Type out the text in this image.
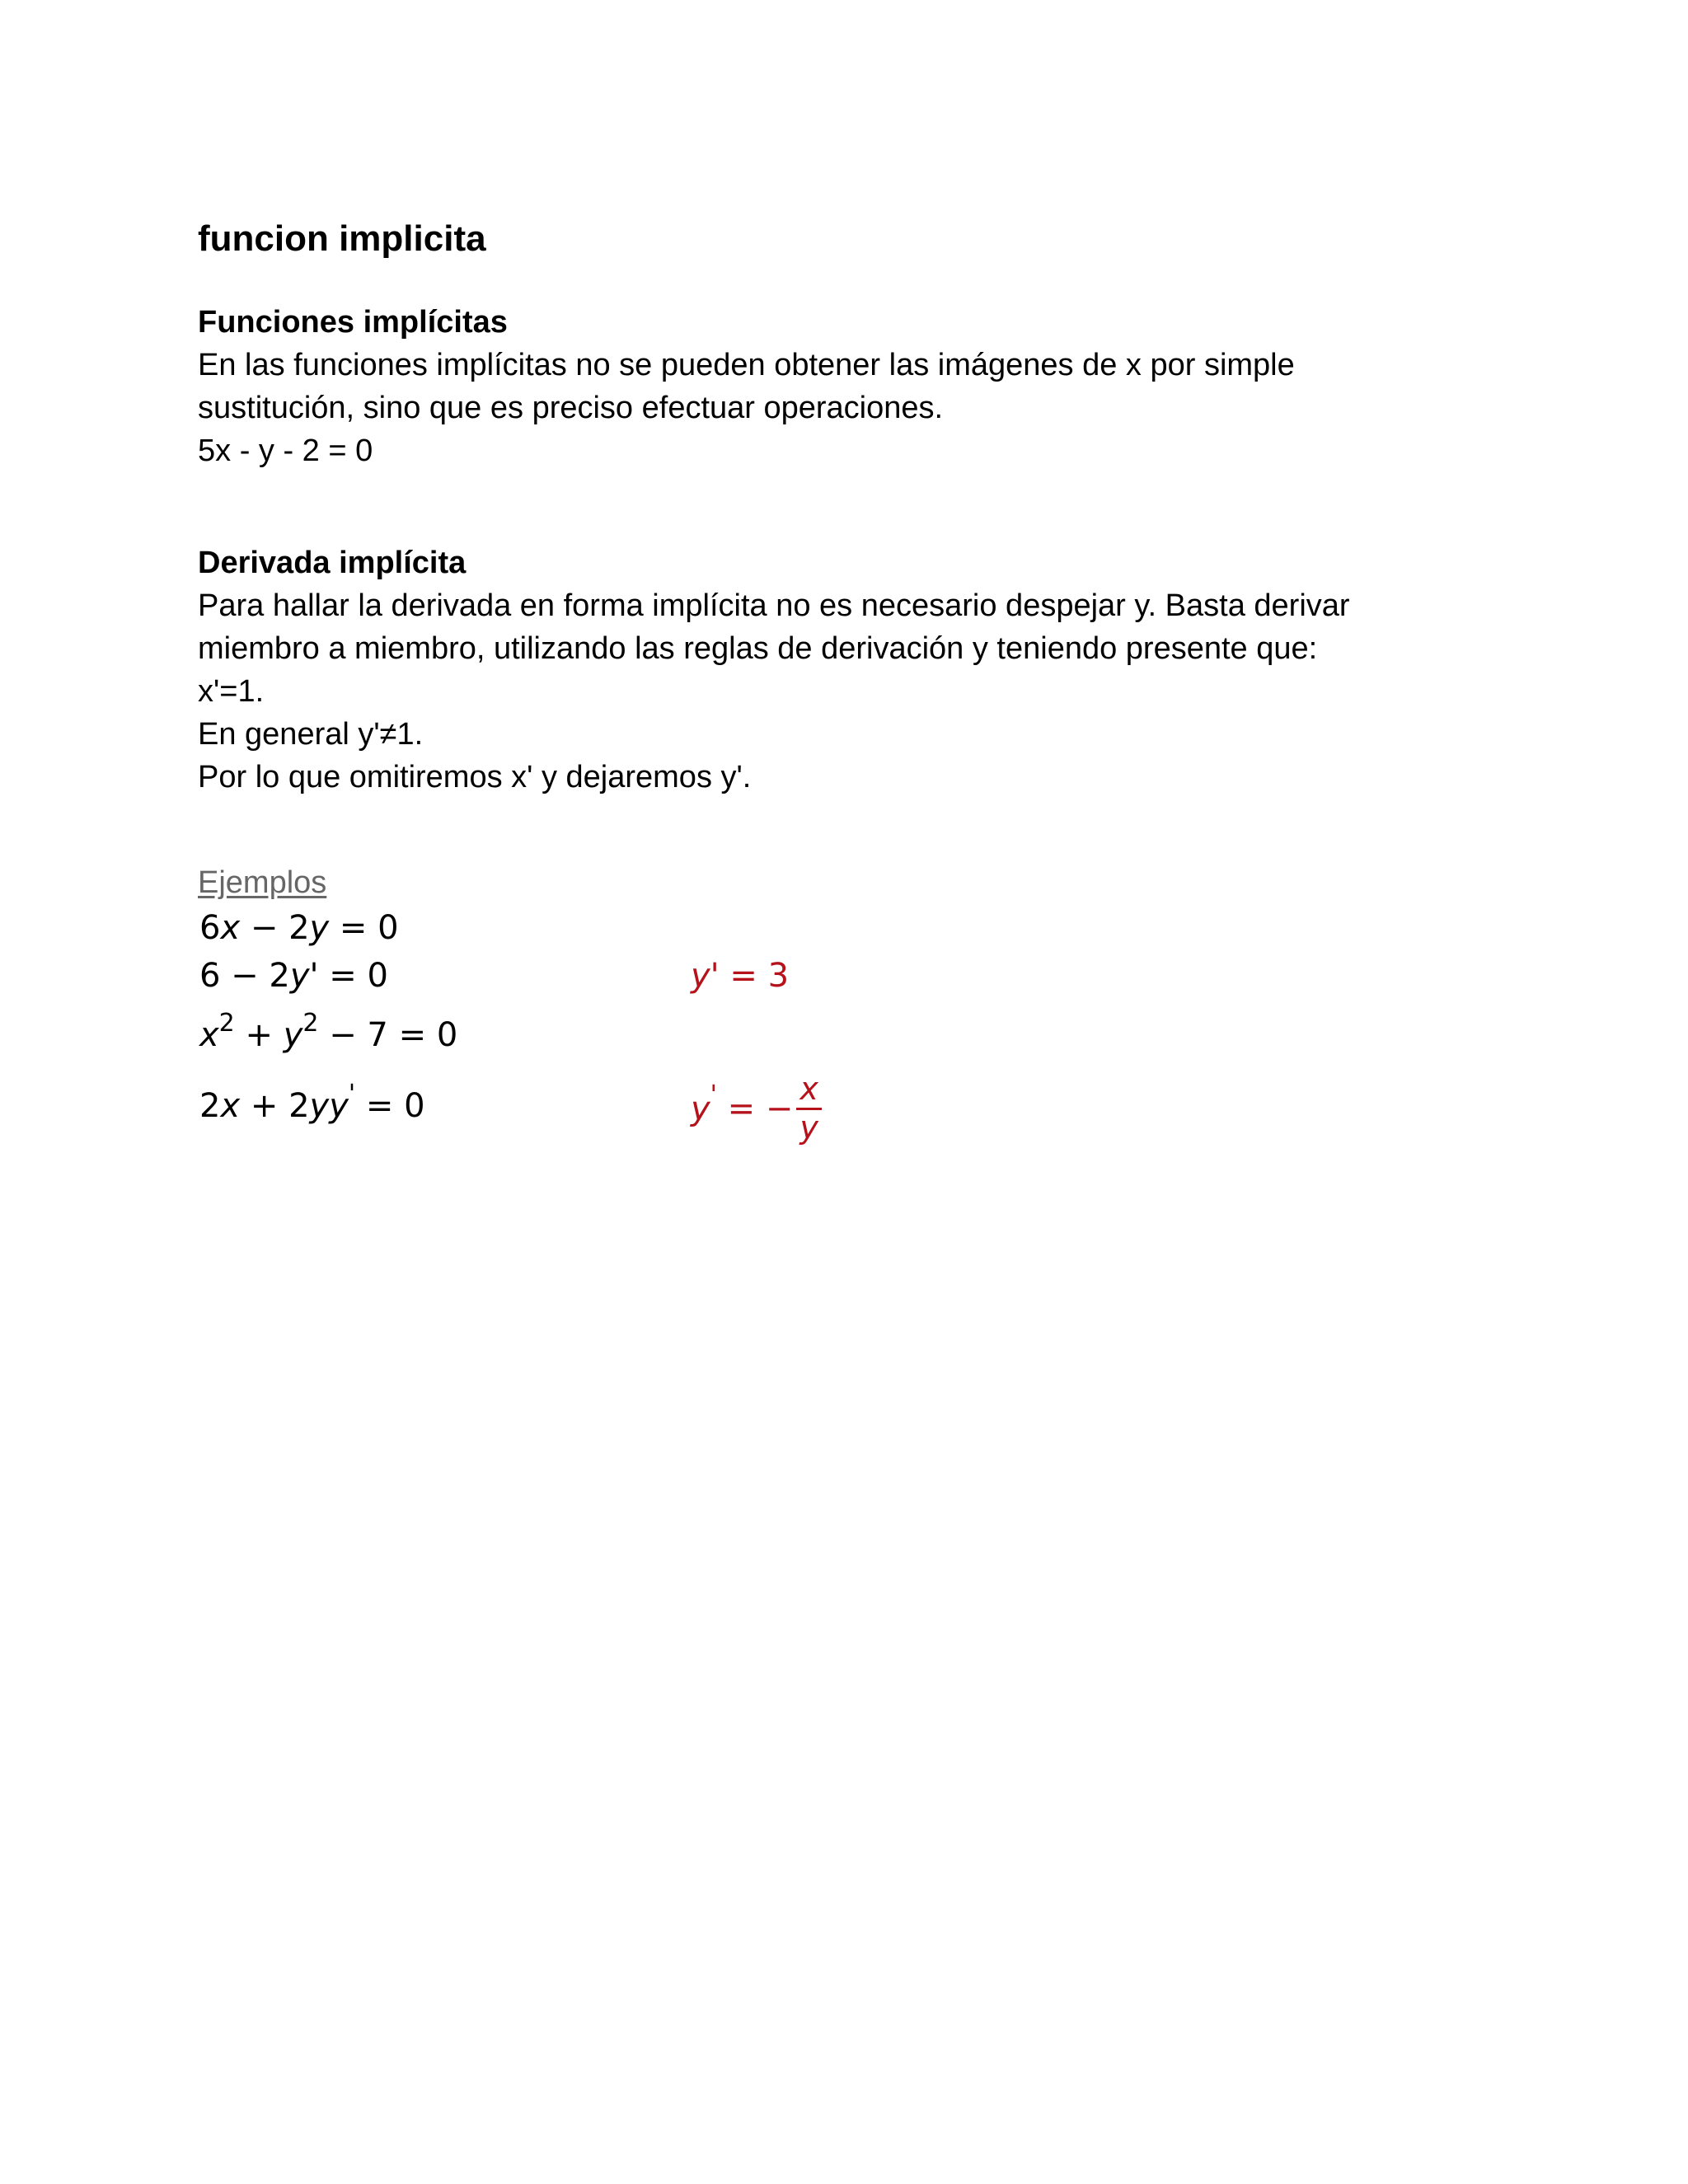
funcion implicita
Funciones implícitas
En las funciones implícitas no se pueden obtener las imágenes de x por simple
sustitución, sino que es preciso efectuar operaciones.
5x - y - 2 = 0
Derivada implícita
Para hallar la derivada en forma implícita no es necesario despejar y. Basta derivar
miembro a miembro, utilizando las reglas de derivación y teniendo presente que:
x'=1.
En general y'≠1.
Por lo que omitiremos x' y dejaremos y'.
Ejemplos
6x − 2y = 0
6 − 2y' = 0	y' = 3
$x^2 + y^2 - 7 = 0$
2x + 2yy' = 0	y' = − $\frac{x}{y}$
